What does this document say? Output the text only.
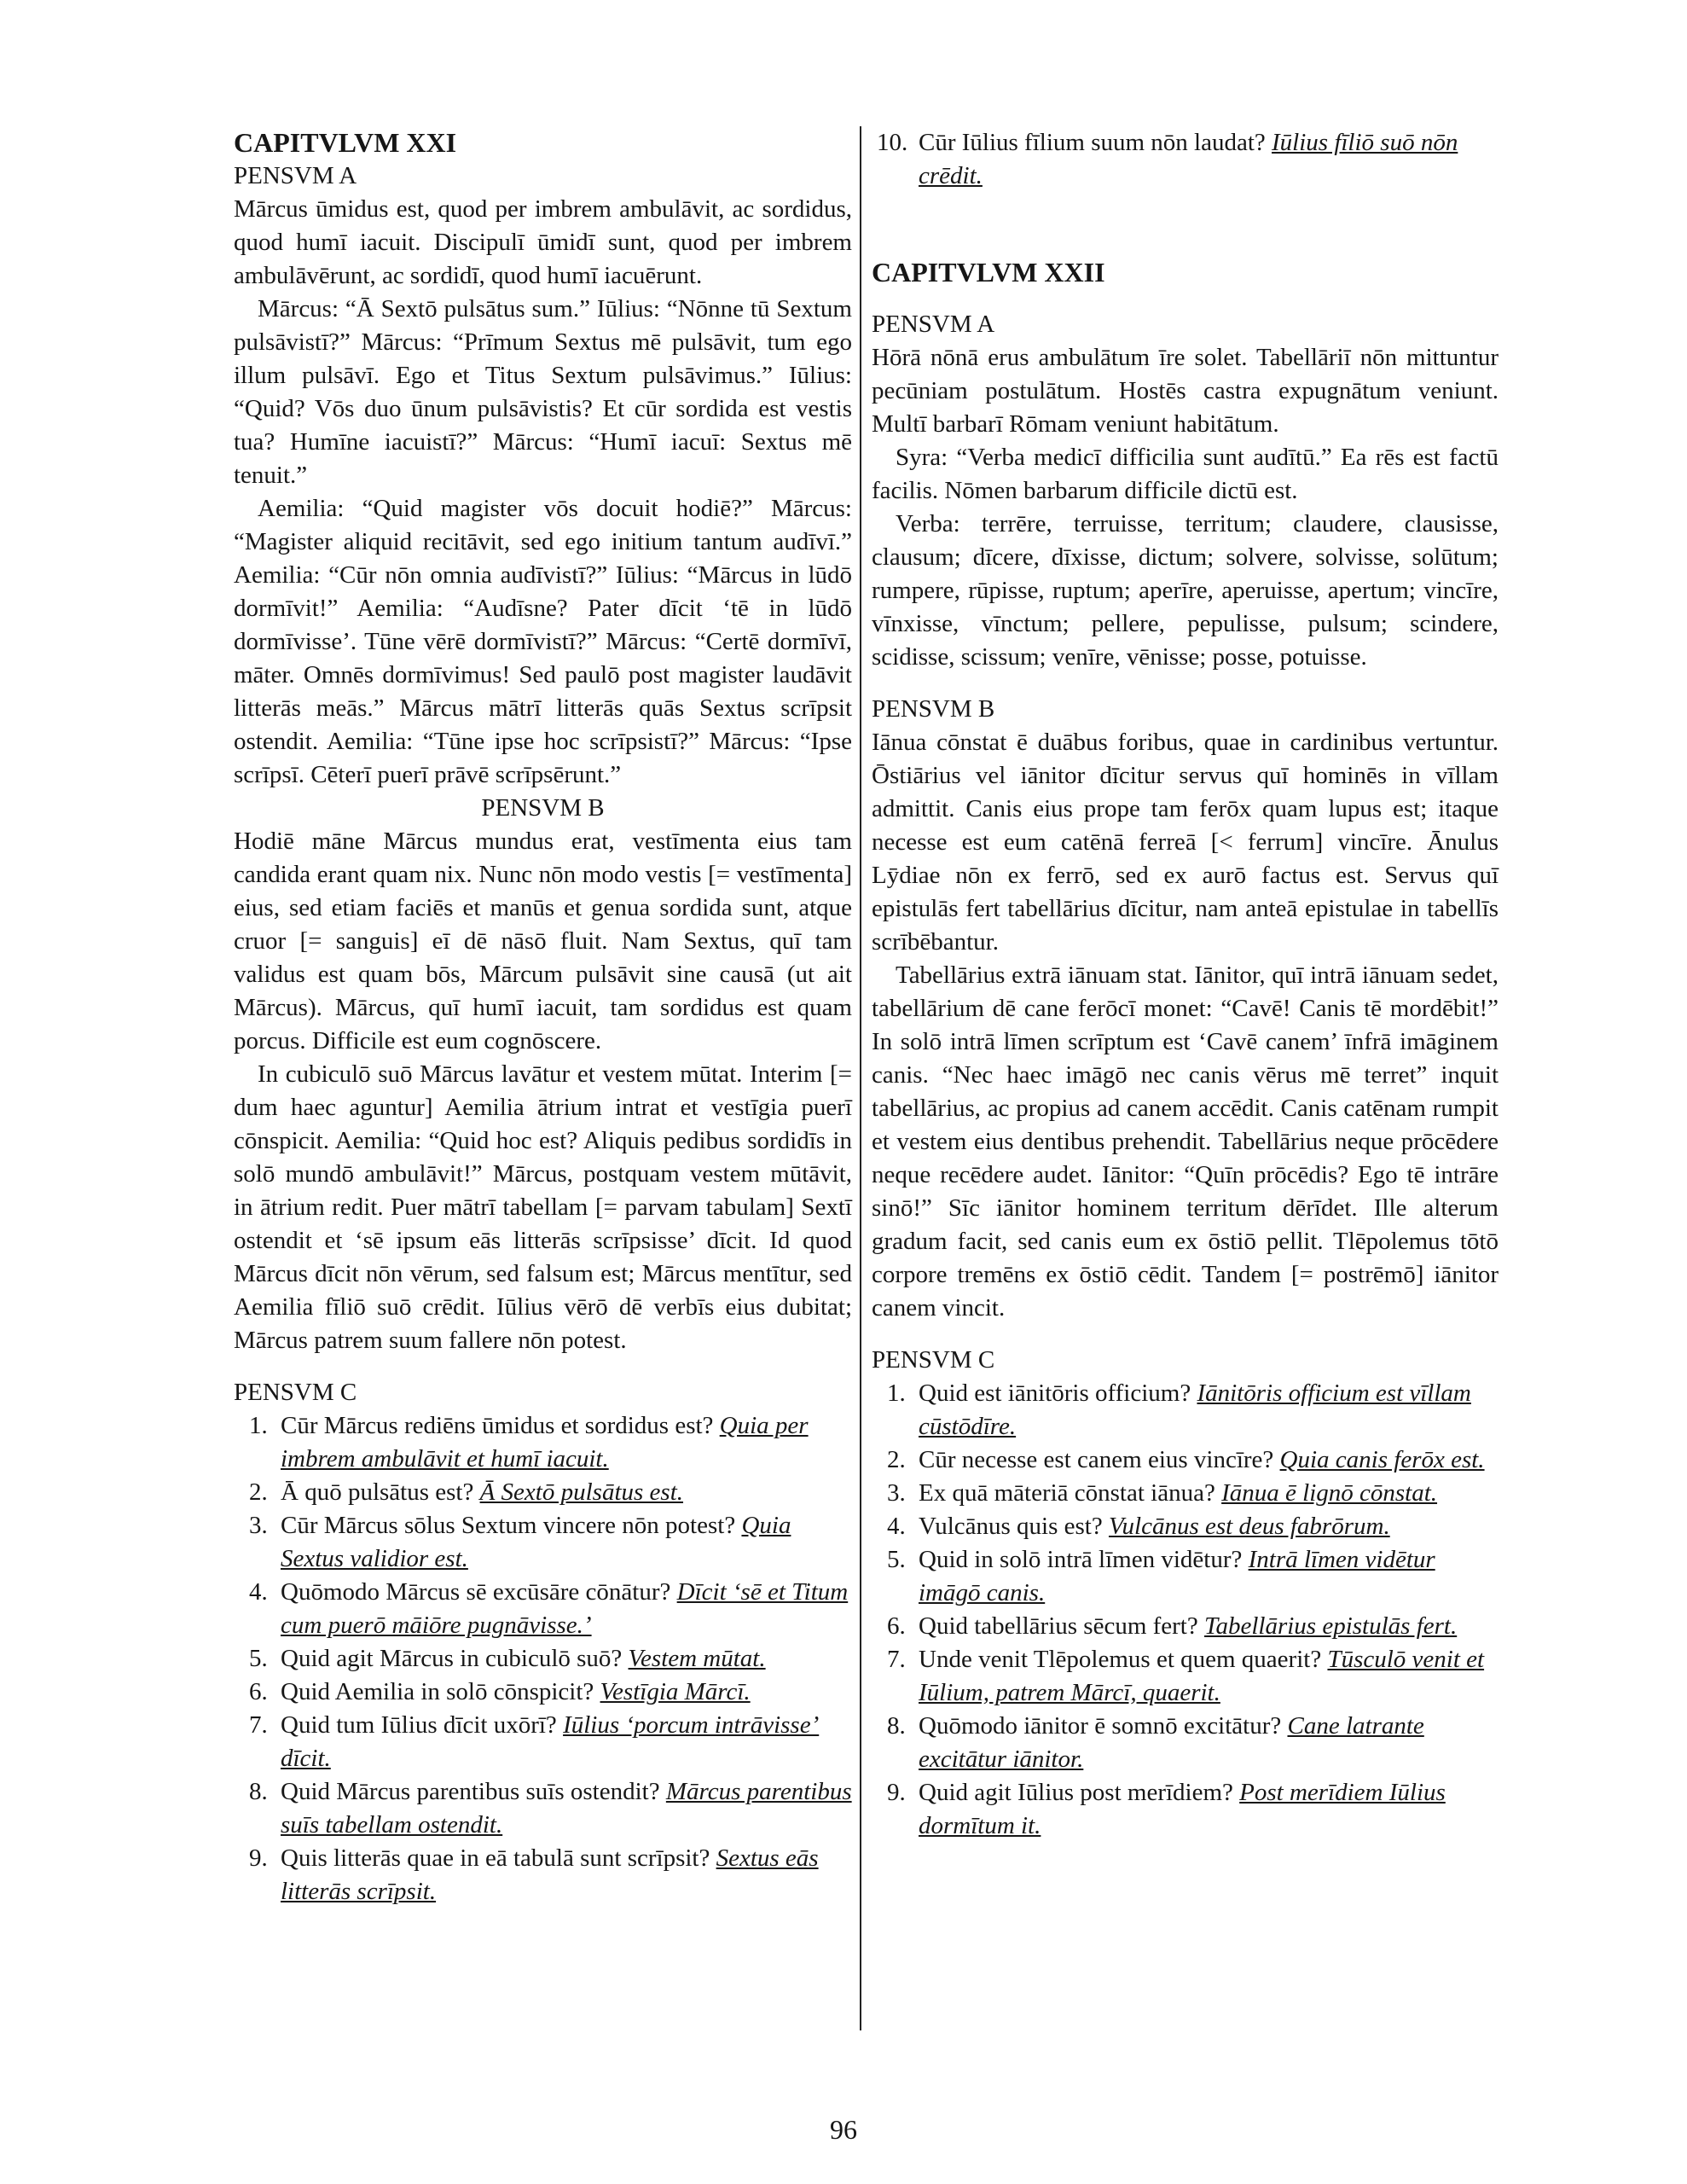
CAPITVLVM XXI
PENSVM A

Mārcus ūmidus est, quod per imbrem ambulāvit, ac sordidus, quod humī iacuit. Discipulī ūmidī sunt, quod per imbrem ambulāvērunt, ac sordidī, quod humī iacuērunt.

Mārcus: “Ā Sextō pulsātus sum.” Iūlius: “Nōnne tū Sextum pulsāvistī?” Mārcus: “Prīmum Sextus mē pulsāvit, tum ego illum pulsāvī. Ego et Titus Sextum pulsāvimus.” Iūlius: “Quid? Vōs duo ūnum pulsāvistis? Et cūr sordida est vestis tua? Humīne iacuistī?” Mārcus: “Humī iacuī: Sextus mē tenuit.”

Aemilia: “Quid magister vōs docuit hodiē?” Mārcus: “Magister aliquid recitāvit, sed ego initium tantum audīvī.” Aemilia: “Cūr nōn omnia audīvistī?” Iūlius: “Mārcus in lūdō dormīvit!” Aemilia: “Audīsne? Pater dīcit ‘tē in lūdō dormīvisse’. Tūne vērē dormīvistī?” Mārcus: “Certē dormīvī, māter. Omnēs dormīvimus! Sed paulō post magister laudāvit litterās meās.” Mārcus mātrī litterās quās Sextus scrīpsit ostendit. Aemilia: “Tūne ipse hoc scrīpsistī?” Mārcus: “Ipse scrīpsī. Cēterī puerī prāvē scrīpsērunt.”

PENSVM B

Hodiē māne Mārcus mundus erat, vestīmenta eius tam candida erant quam nix. Nunc nōn modo vestis [= vestīmenta] eius, sed etiam faciēs et manūs et genua sordida sunt, atque cruor [= sanguis] eī dē nāsō fluit. Nam Sextus, quī tam validus est quam bōs, Mārcum pulsāvit sine causā (ut ait Mārcus). Mārcus, quī humī iacuit, tam sordidus est quam porcus. Difficile est eum cognōscere.

In cubiculō suō Mārcus lavātur et vestem mūtat. Interim [= dum haec aguntur] Aemilia ātrium intrat et vestīgia puerī cōnspicit. Aemilia: “Quid hoc est? Aliquis pedibus sordidīs in solō mundō ambulāvit!” Mārcus, postquam vestem mūtāvit, in ātrium redit. Puer mātrī tabellam [= parvam tabulam] Sextī ostendit et ‘sē ipsum eās litterās scrīpsisse’ dīcit. Id quod Mārcus dīcit nōn vērum, sed falsum est; Mārcus mentītur, sed Aemilia fīliō suō crēdit. Iūlius vērō dē verbīs eius dubitat; Mārcus patrem suum fallere nōn potest.

PENSVM C
1. Cūr Mārcus rediēns ūmidus et sordidus est? Quia per imbrem ambulāvit et humī iacuit.
2. Ā quō pulsātus est? Ā Sextō pulsātus est.
3. Cūr Mārcus sōlus Sextum vincere nōn potest? Quia Sextus validior est.
4. Quōmodo Mārcus sē excūsāre cōnātur? Dīcit ‘sē et Titum cum puerō māiōre pugnāvisse.’
5. Quid agit Mārcus in cubiculō suō? Vestem mūtat.
6. Quid Aemilia in solō cōnspicit? Vestīgia Mārcī.
7. Quid tum Iūlius dīcit uxōrī? Iūlius ‘porcum intrāvisse’ dīcit.
8. Quid Mārcus parentibus suīs ostendit? Mārcus parentibus suīs tabellam ostendit.
9. Quis litterās quae in eā tabulā sunt scrīpsit? Sextus eās litterās scrīpsit.
10. Cūr Iūlius fīlium suum nōn laudat? Iūlius fīliō suō nōn crēdit.
CAPITVLVM XXII
PENSVM A

Hōrā nōnā erus ambulātum īre solet. Tabellāriī nōn mittuntur pecūniam postulātum. Hostēs castra expugnātum veniunt. Multī barbarī Rōmam veniunt habitātum.

Syra: “Verba medicī difficilia sunt audītū.” Ea rēs est factū facilis. Nōmen barbarum difficile dictū est.

Verba: terrēre, terruisse, territum; claudere, clausisse, clausum; dīcere, dīxisse, dictum; solvere, solvisse, solūtum; rumpere, rūpisse, ruptum; aperīre, aperuisse, apertum; vincīre, vīnxisse, vīnctum; pellere, pepulisse, pulsum; scindere, scidisse, scissum; venīre, vēnisse; posse, potuisse.

PENSVM B

Iānua cōnstat ē duābus foribus, quae in cardinibus vertuntur. Ōstiārius vel iānitor dīcitur servus quī hominēs in vīllam admittit. Canis eius prope tam ferōx quam lupus est; itaque necesse est eum catēnā ferreā [< ferrum] vincīre. Ānulus Lȳdiae nōn ex ferrō, sed ex aurō factus est. Servus quī epistulās fert tabellārius dīcitur, nam anteā epistulae in tabellīs scrībēbantur.

Tabellārius extrā iānuam stat. Iānitor, quī intrā iānuam sedet, tabellārium dē cane ferōcī monet: “Cavē! Canis tē mordēbit!” In solō intrā līmen scrīptum est ‘Cavē canem’ īnfrā imāginem canis. “Nec haec imāgō nec canis vērus mē terret” inquit tabellārius, ac propius ad canem accēdit. Canis catēnam rumpit et vestem eius dentibus prehendit. Tabellārius neque prōcēdere neque recēdere audet. Iānitor: “Quīn prōcēdis? Ego tē intrāre sinō!” Sīc iānitor hominem territum dērīdet. Ille alterum gradum facit, sed canis eum ex ōstiō pellit. Tlēpolemus tōtō corpore tremēns ex ōstiō cēdit. Tandem [= postrēmō] iānitor canem vincit.

PENSVM C
1. Quid est iānitōris officium? Iānitōris officium est vīllam cūstōdīre.
2. Cūr necesse est canem eius vincīre? Quia canis ferōx est.
3. Ex quā māteriā cōnstat iānua? Iānua ē lignō cōnstat.
4. Vulcānus quis est? Vulcānus est deus fabrōrum.
5. Quid in solō intrā līmen vidētur? Intrā līmen vidētur imāgō canis.
6. Quid tabellārius sēcum fert? Tabellārius epistulās fert.
7. Unde venit Tlēpolemus et quem quaerit? Tūsculō venit et Iūlium, patrem Mārcī, quaerit.
8. Quōmodo iānitor ē somnō excitātur? Cane latrante excitātur iānitor.
9. Quid agit Iūlius post merīdiem? Post merīdiem Iūlius dormītum it.
96
